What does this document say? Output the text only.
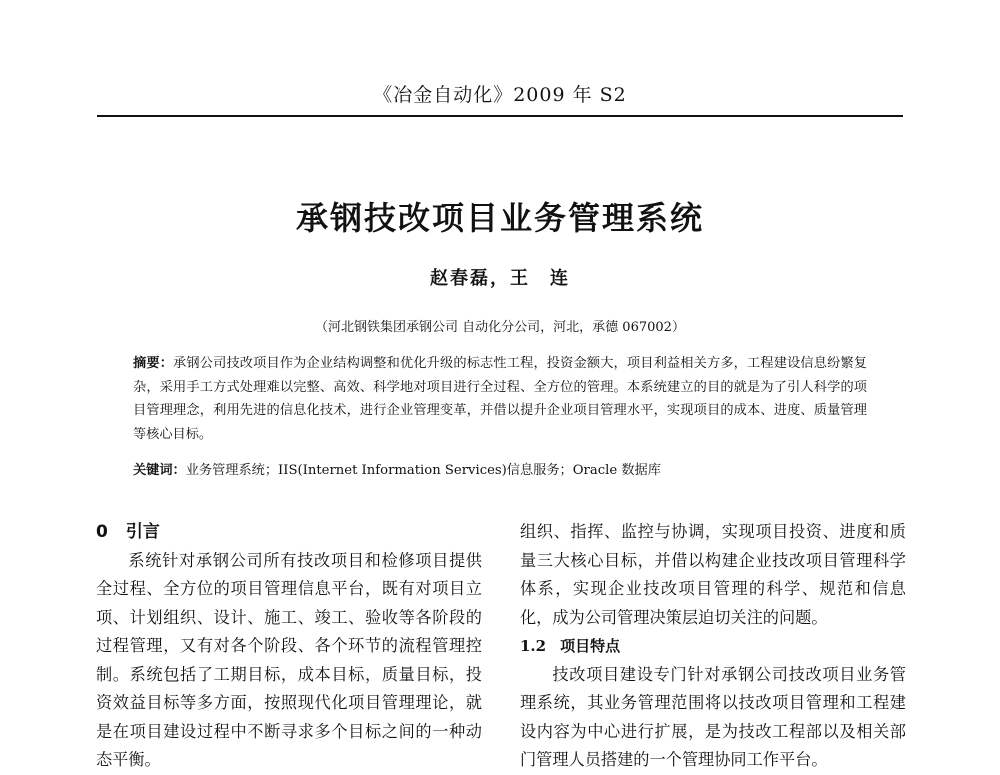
《冶金自动化》2009 年 S2
承钢技改项目业务管理系统
赵春磊，王　连
（河北钢铁集团承钢公司 自动化分公司，河北，承德 067002）
摘要：承钢公司技改项目作为企业结构调整和优化升级的标志性工程，投资金额大，项目利益相关方多，工程建设信息纷繁复杂，采用手工方式处理难以完整、高效、科学地对项目进行全过程、全方位的管理。本系统建立的目的就是为了引人科学的项目管理理念，利用先进的信息化技术，进行企业管理变革，并借以提升企业项目管理水平，实现项目的成本、进度、质量管理等核心目标。
关键词：业务管理系统；IIS(Internet Information Services)信息服务；Oracle 数据库
0 引言

系统针对承钢公司所有技改项目和检修项目提供全过程、全方位的项目管理信息平台，既有对项目立项、计划组织、设计、施工、竣工、验收等各阶段的过程管理，又有对各个阶段、各个环节的流程管理控制。系统包括了工期目标，成本目标，质量目标，投资效益目标等多方面，按照现代化项目管理理论，就是在项目建设过程中不断寻求多个目标之间的一种动态平衡。

组织、指挥、监控与协调，实现项目投资、进度和质量三大核心目标，并借以构建企业技改项目管理科学体系，实现企业技改项目管理的科学、规范和信息化，成为公司管理决策层迫切关注的问题。

1.2 项目特点

技改项目建设专门针对承钢公司技改项目业务管理系统，其业务管理范围将以技改项目管理和工程建设内容为中心进行扩展，是为技改工程部以及相关部门管理人员搭建的一个管理协同工作平台。
